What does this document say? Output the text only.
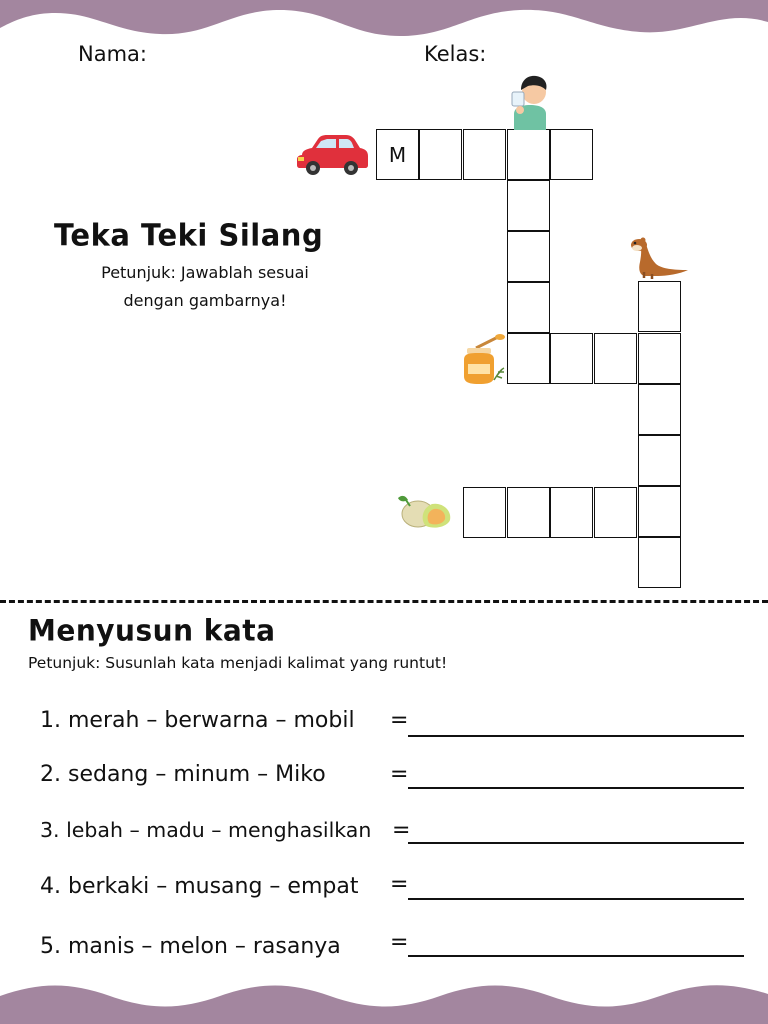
Nama:	Kelas:
Teka Teki Silang
Petunjuk: Jawablah sesuai
dengan gambarnya!
M
Menyusun kata
Petunjuk: Susunlah kata menjadi kalimat yang runtut!
1. merah – berwarna – mobil =
2. sedang – minum – Miko	=
3. lebah – madu – menghasilkan =
4. berkaki – musang – empat =
5. manis – melon – rasanya =
